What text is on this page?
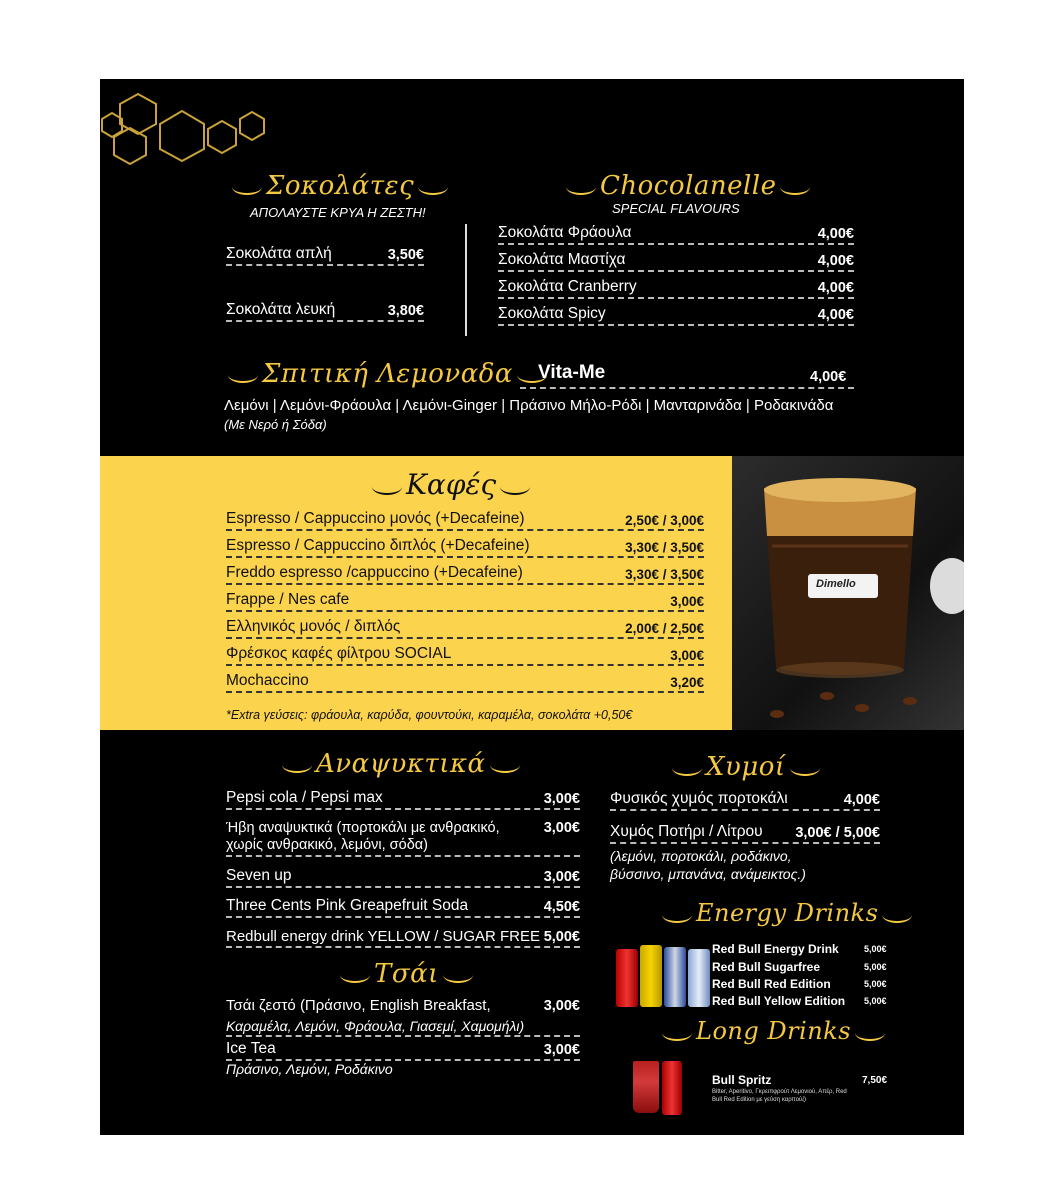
Σοκολάτες
ΑΠΟΛΑΥΣΤΕ ΚΡΥΑ Η ΖΕΣΤΗ!
Σοκολάτα απλή	3,50€
Σοκολάτα λευκή	3,80€
Chocolanelle
SPECIAL FLAVOURS
Σοκολάτα Φράουλα	4,00€
Σοκολάτα Μαστίχα	4,00€
Σοκολάτα Cranberry	4,00€
Σοκολάτα Spicy	4,00€
Σπιτική Λεμοναδα	Vita-Me	4,00€
Λεμόνι | Λεμόνι-Φράουλα | Λεμόνι-Ginger | Πράσινο Μήλο-Ρόδι | Μανταρινάδα | Ροδακινάδα
(Με Νερό ή Σόδα)
Καφές
Espresso / Cappuccino μονός (+Decafeine)	2,50€ / 3,00€
Espresso / Cappuccino διπλός (+Decafeine)	3,30€ / 3,50€
Freddo espresso /cappuccino (+Decafeine)	3,30€ / 3,50€
Frappe / Nes cafe	3,00€
Ελληνικός μονός / διπλός	2,00€ / 2,50€
Φρέσκος καφές φίλτρου SOCIAL	3,00€
Mochaccino	3,20€
*Extra γεύσεις: φράουλα, καρύδα, φουντούκι, καραμέλα, σοκολάτα +0,50€
Dimello
Αναψυκτικά
Pepsi cola / Pepsi max	3,00€
Ήβη αναψυκτικά (πορτοκάλι με ανθρακικό, χωρίς ανθρακικό, λεμόνι, σόδα)
3,00€
Seven up	3,00€
Three Cents Pink Greapefruit Soda	4,50€
Redbull energy drink YELLOW / SUGAR FREE 5,00€
Τσάι
Τσάι ζεστό (Πράσινο, English Breakfast,	3,00€
Καραμέλα, Λεμόνι, Φράουλα, Γιασεμί, Χαμομήλι)
Ice Tea	3,00€
Πράσινο, Λεμόνι, Ροδάκινο
Χυμοί
Φυσικός χυμός πορτοκάλι	4,00€
Χυμός Ποτήρι / Λίτρου 3,00€ / 5,00€
(λεμόνι, πορτοκάλι, ροδάκινο, βύσσινο, μπανάνα, ανάμεικτος.)
Energy Drinks
Red Bull Energy Drink	5,00€
Red Bull Sugarfree	5,00€
Red Bull Red Edition	5,00€
Red Bull Yellow Edition 5,00€
Long Drinks
Bull Spritz	7,50€
Bitter, Aperitivo, Γκρειπφρούτ Λεμονιού, Απέρ, Red Bull Red Edition με γεύση καρπούζι
